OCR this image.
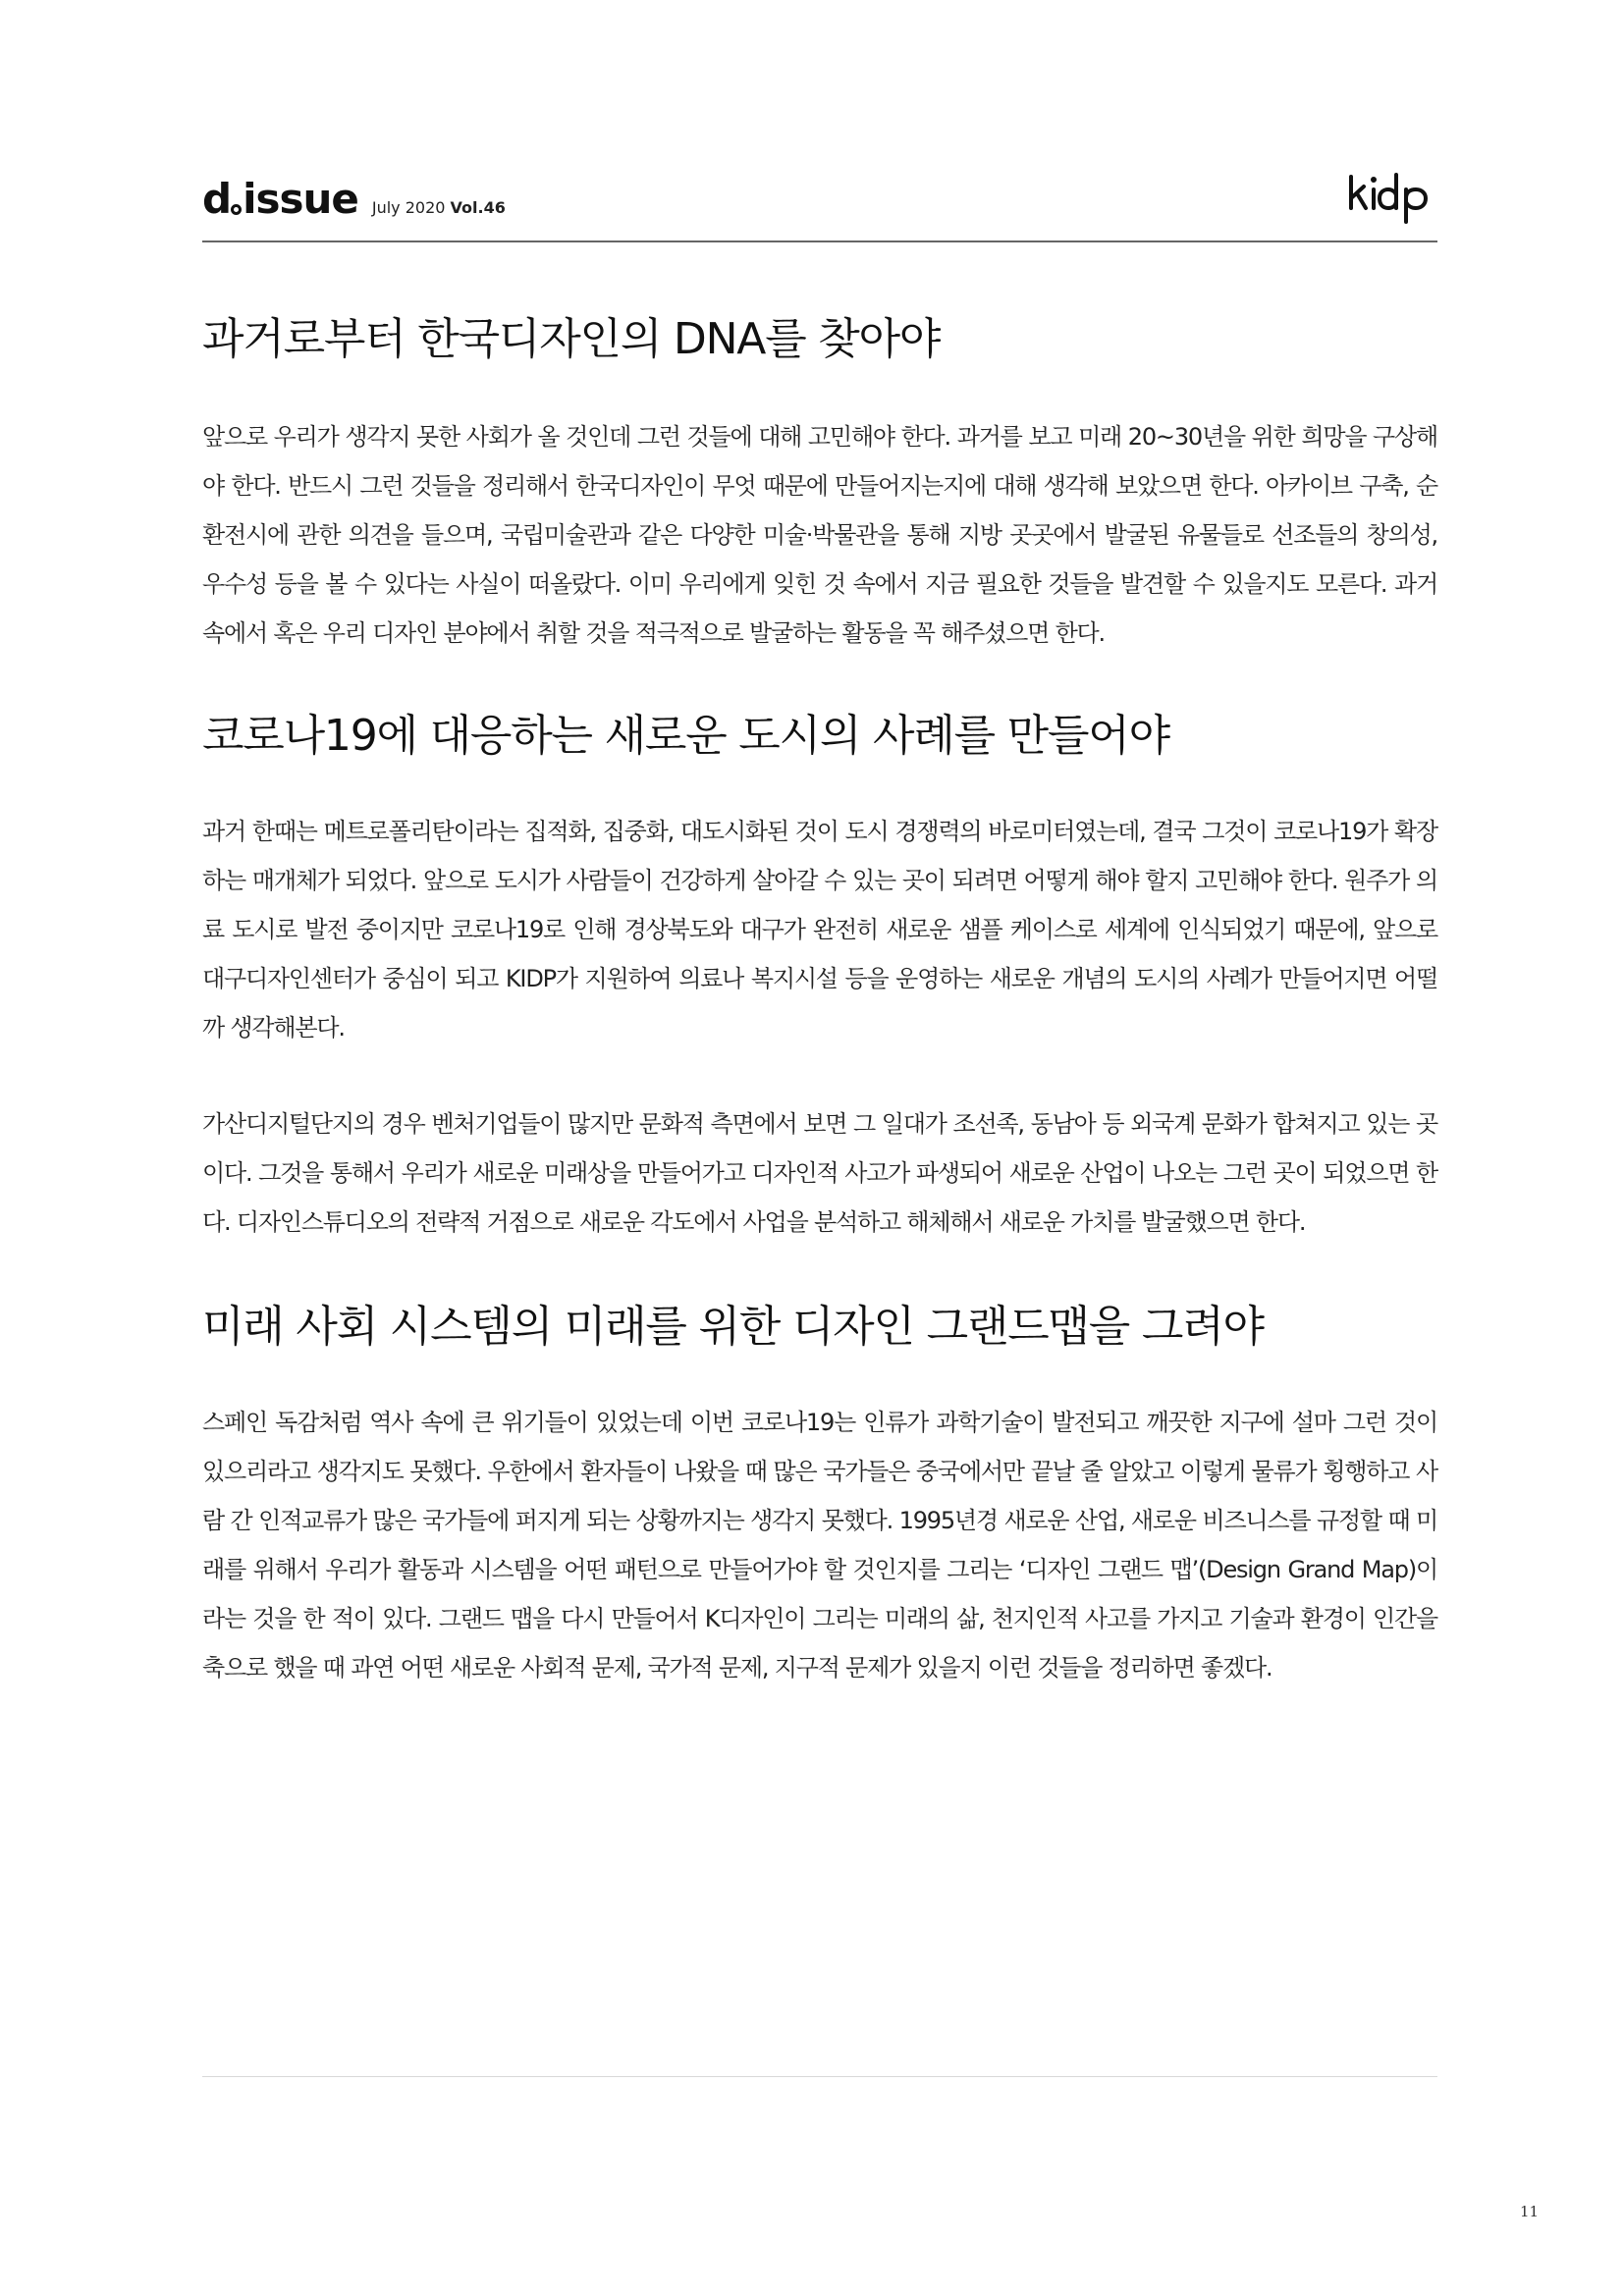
d issue July 2020 Vol.46
과거로부터 한국디자인의 DNA를 찾아야

앞으로 우리가 생각지 못한 사회가 올 것인데 그런 것들에 대해 고민해야 한다. 과거를 보고 미래 20~30년을 위한 희망을 구상해야 한다. 반드시 그런 것들을 정리해서 한국디자인이 무엇 때문에 만들어지는지에 대해 생각해 보았으면 한다. 아카이브 구축, 순환전시에 관한 의견을 들으며, 국립미술관과 같은 다양한 미술·박물관을 통해 지방 곳곳에서 발굴된 유물들로 선조들의 창의성, 우수성 등을 볼 수 있다는 사실이 떠올랐다. 이미 우리에게 잊힌 것 속에서 지금 필요한 것들을 발견할 수 있을지도 모른다. 과거 속에서 혹은 우리 디자인 분야에서 취할 것을 적극적으로 발굴하는 활동을 꼭 해주셨으면 한다.

코로나19에 대응하는 새로운 도시의 사례를 만들어야

과거 한때는 메트로폴리탄이라는 집적화, 집중화, 대도시화된 것이 도시 경쟁력의 바로미터였는데, 결국 그것이 코로나19가 확장하는 매개체가 되었다. 앞으로 도시가 사람들이 건강하게 살아갈 수 있는 곳이 되려면 어떻게 해야 할지 고민해야 한다. 원주가 의료 도시로 발전 중이지만 코로나19로 인해 경상북도와 대구가 완전히 새로운 샘플 케이스로 세계에 인식되었기 때문에, 앞으로 대구디자인센터가 중심이 되고 KIDP가 지원하여 의료나 복지시설 등을 운영하는 새로운 개념의 도시의 사례가 만들어지면 어떨까 생각해본다.

가산디지털단지의 경우 벤처기업들이 많지만 문화적 측면에서 보면 그 일대가 조선족, 동남아 등 외국계 문화가 합쳐지고 있는 곳이다. 그것을 통해서 우리가 새로운 미래상을 만들어가고 디자인적 사고가 파생되어 새로운 산업이 나오는 그런 곳이 되었으면 한다. 디자인스튜디오의 전략적 거점으로 새로운 각도에서 사업을 분석하고 해체해서 새로운 가치를 발굴했으면 한다.

미래 사회 시스템의 미래를 위한 디자인 그랜드맵을 그려야

스페인 독감처럼 역사 속에 큰 위기들이 있었는데 이번 코로나19는 인류가 과학기술이 발전되고 깨끗한 지구에 설마 그런 것이 있으리라고 생각지도 못했다. 우한에서 환자들이 나왔을 때 많은 국가들은 중국에서만 끝날 줄 알았고 이렇게 물류가 횡행하고 사람 간 인적교류가 많은 국가들에 퍼지게 되는 상황까지는 생각지 못했다. 1995년경 새로운 산업, 새로운 비즈니스를 규정할 때 미래를 위해서 우리가 활동과 시스템을 어떤 패턴으로 만들어가야 할 것인지를 그리는 ‘디자인 그랜드 맵’(Design Grand Map)이라는 것을 한 적이 있다. 그랜드 맵을 다시 만들어서 K디자인이 그리는 미래의 삶, 천지인적 사고를 가지고 기술과 환경이 인간을 축으로 했을 때 과연 어떤 새로운 사회적 문제, 국가적 문제, 지구적 문제가 있을지 이런 것들을 정리하면 좋겠다.

11
